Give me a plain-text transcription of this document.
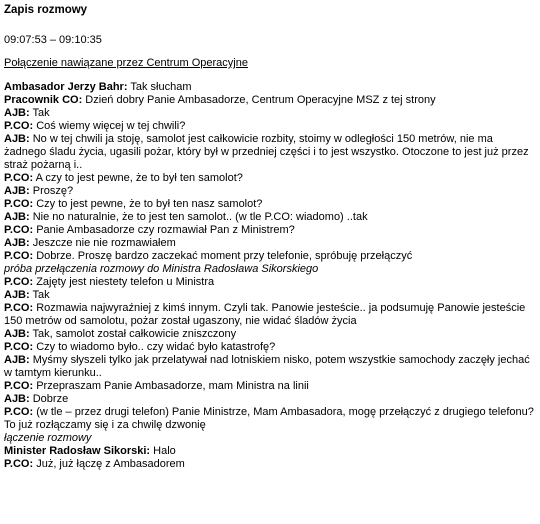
Zapis rozmowy
09:07:53 – 09:10:35
Połączenie nawiązane przez Centrum Operacyjne
Ambasador Jerzy Bahr: Tak słucham
Pracownik CO: Dzień dobry Panie Ambasadorze, Centrum Operacyjne MSZ z tej strony
AJB: Tak
P.CO: Coś wiemy więcej w tej chwili?
AJB: No w tej chwili ja stoję, samolot jest całkowicie rozbity, stoimy w odległości 150 metrów, nie ma żadnego śladu życia, ugasili pożar, który był w przedniej części i to jest wszystko. Otoczone to jest już przez straż pożarną i..
P.CO: A czy to jest pewne, że to był ten samolot?
AJB: Proszę?
P.CO: Czy to jest pewne, że to był ten nasz samolot?
AJB: Nie no naturalnie, że to jest ten samolot.. (w tle P.CO: wiadomo) ..tak
P.CO: Panie Ambasadorze czy rozmawiał Pan z Ministrem?
AJB: Jeszcze nie nie rozmawiałem
P.CO: Dobrze. Proszę bardzo zaczekać moment przy telefonie, spróbuję przełączyć
próba przełączenia rozmowy do Ministra Radosława Sikorskiego
P.CO: Zajęty jest niestety telefon u Ministra
AJB: Tak
P.CO: Rozmawia najwyraźniej z kimś innym. Czyli tak. Panowie jesteście.. ja podsumuję Panowie jesteście 150 metrów od samolotu, pożar został ugaszony, nie widać śladów życia
AJB: Tak, samolot został całkowicie zniszczony
P.CO: Czy to wiadomo było.. czy widać było katastrofę?
AJB: Myśmy słyszeli tylko jak przelatywał nad lotniskiem nisko, potem wszystkie samochody zaczęły jechać w tamtym kierunku..
P.CO: Przepraszam Panie Ambasadorze, mam Ministra na linii
AJB: Dobrze
P.CO: (w tle – przez drugi telefon) Panie Ministrze, Mam Ambasadora, mogę przełączyć z drugiego telefonu? To już rozłączamy się i za chwilę dzwonię
łączenie rozmowy
Minister Radosław Sikorski: Halo
P.CO: Już, już łączę z Ambasadorem
